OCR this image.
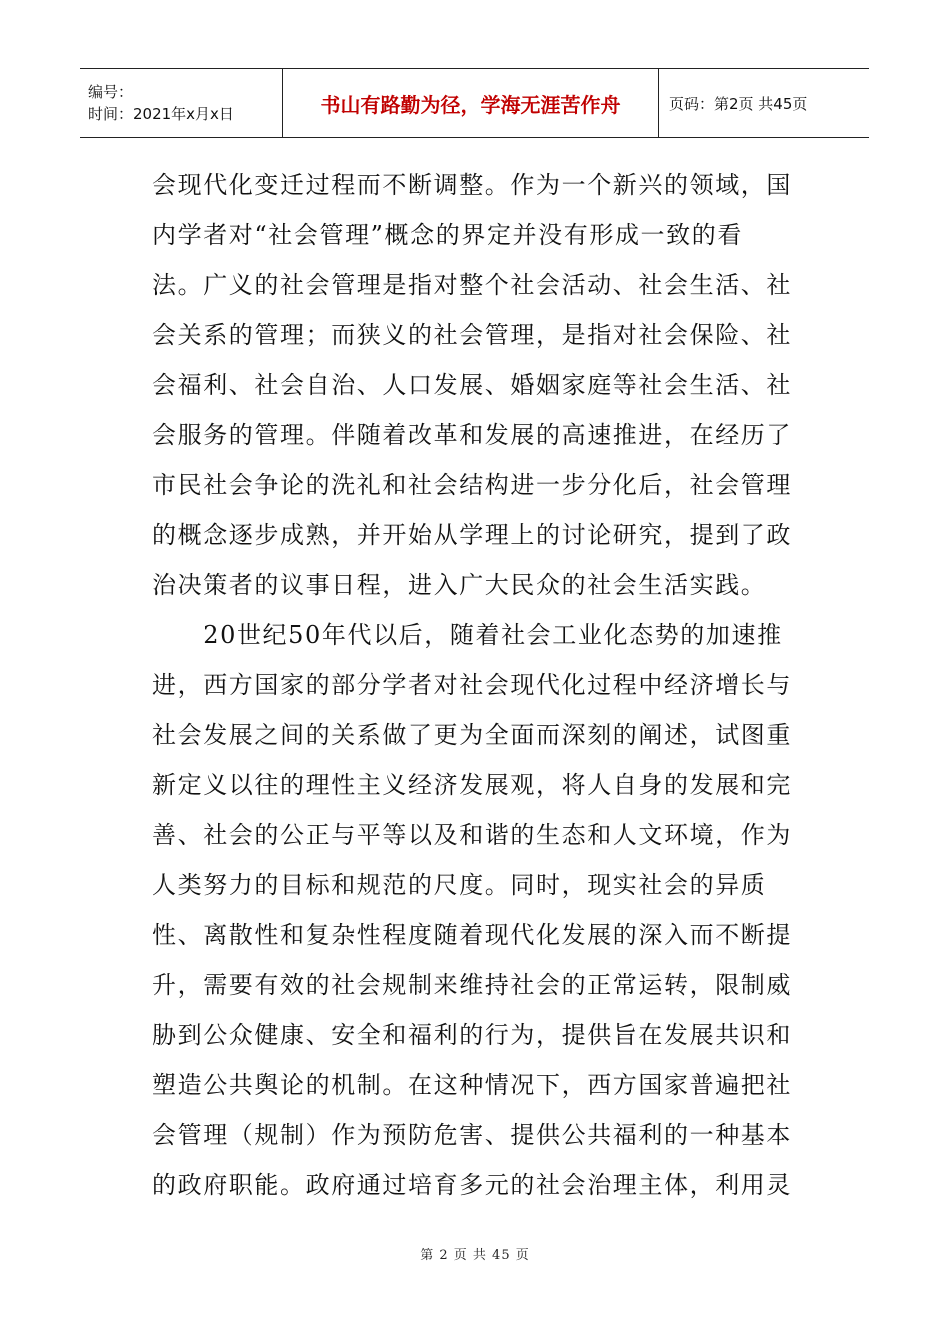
编号：
时间：2021年x月x日	书山有路勤为径，学海无涯苦作舟	页码：第2页 共45页
会现代化变迁过程而不断调整。作为一个新兴的领域，国
内学者对“社会管理”概念的界定并没有形成一致的看
法。广义的社会管理是指对整个社会活动、社会生活、社
会关系的管理；而狭义的社会管理，是指对社会保险、社
会福利、社会自治、人口发展、婚姻家庭等社会生活、社
会服务的管理。伴随着改革和发展的高速推进，在经历了
市民社会争论的洗礼和社会结构进一步分化后，社会管理
的概念逐步成熟，并开始从学理上的讨论研究，提到了政
治决策者的议事日程，进入广大民众的社会生活实践。
　　20世纪50年代以后，随着社会工业化态势的加速推
进，西方国家的部分学者对社会现代化过程中经济增长与
社会发展之间的关系做了更为全面而深刻的阐述，试图重
新定义以往的理性主义经济发展观，将人自身的发展和完
善、社会的公正与平等以及和谐的生态和人文环境，作为
人类努力的目标和规范的尺度。同时，现实社会的异质
性、离散性和复杂性程度随着现代化发展的深入而不断提
升，需要有效的社会规制来维持社会的正常运转，限制威
胁到公众健康、安全和福利的行为，提供旨在发展共识和
塑造公共舆论的机制。在这种情况下，西方国家普遍把社
会管理（规制）作为预防危害、提供公共福利的一种基本
的政府职能。政府通过培育多元的社会治理主体，利用灵
第 2 页 共 45 页
